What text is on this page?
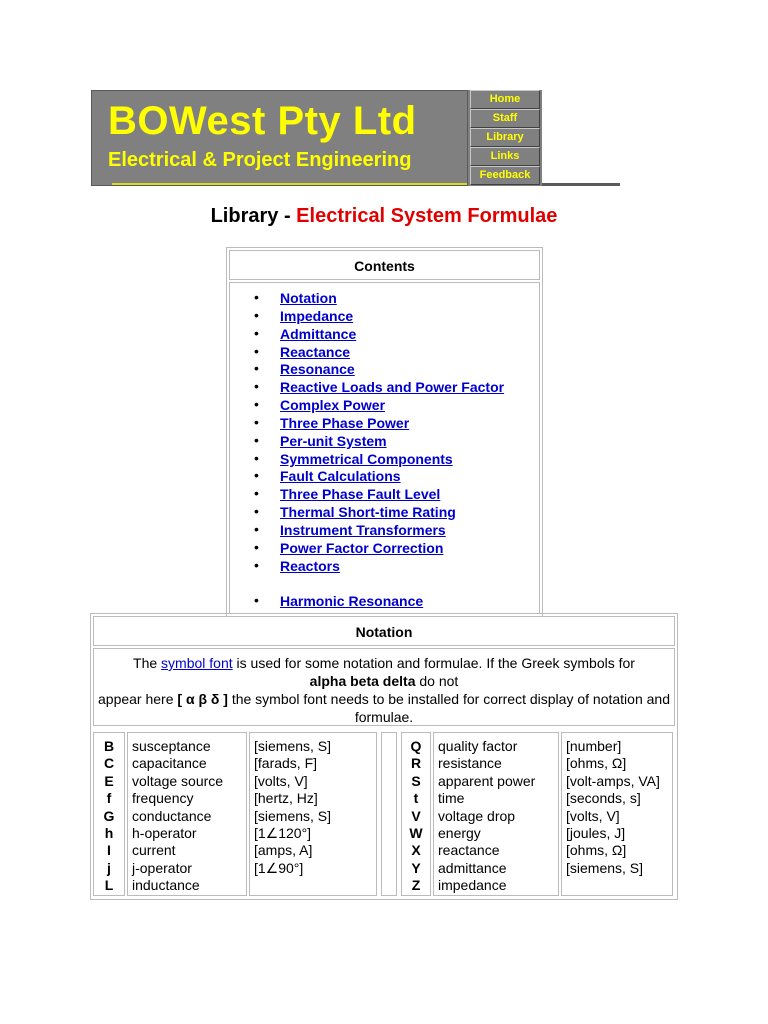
BOWest Pty Ltd
Electrical & Project Engineering
Home
Staff
Library
Links
Feedback
Library - Electrical System Formulae
Contents
Notation
Impedance
Admittance
Reactance
Resonance
Reactive Loads and Power Factor
Complex Power
Three Phase Power
Per-unit System
Symmetrical Components
Fault Calculations
Three Phase Fault Level
Thermal Short-time Rating
Instrument Transformers
Power Factor Correction
Reactors
Harmonic Resonance
Notation
The symbol font is used for some notation and formulae. If the Greek symbols for
alpha beta delta do not
appear here [ α β δ ] the symbol font needs to be installed for correct display of notation and formulae.
B
C
E
f
G
h
I
j
L
susceptance
capacitance
voltage source
frequency
conductance
h-operator
current
j-operator
inductance
[siemens, S]
[farads, F]
[volts, V]
[hertz, Hz]
[siemens, S]
[1∠120°]
[amps, A]
[1∠90°]
Q
R
S
t
V
W
X
Y
Z
quality factor
resistance
apparent power
time
voltage drop
energy
reactance
admittance
impedance
[number]
[ohms, Ω]
[volt-amps, VA]
[seconds, s]
[volts, V]
[joules, J]
[ohms, Ω]
[siemens, S]
